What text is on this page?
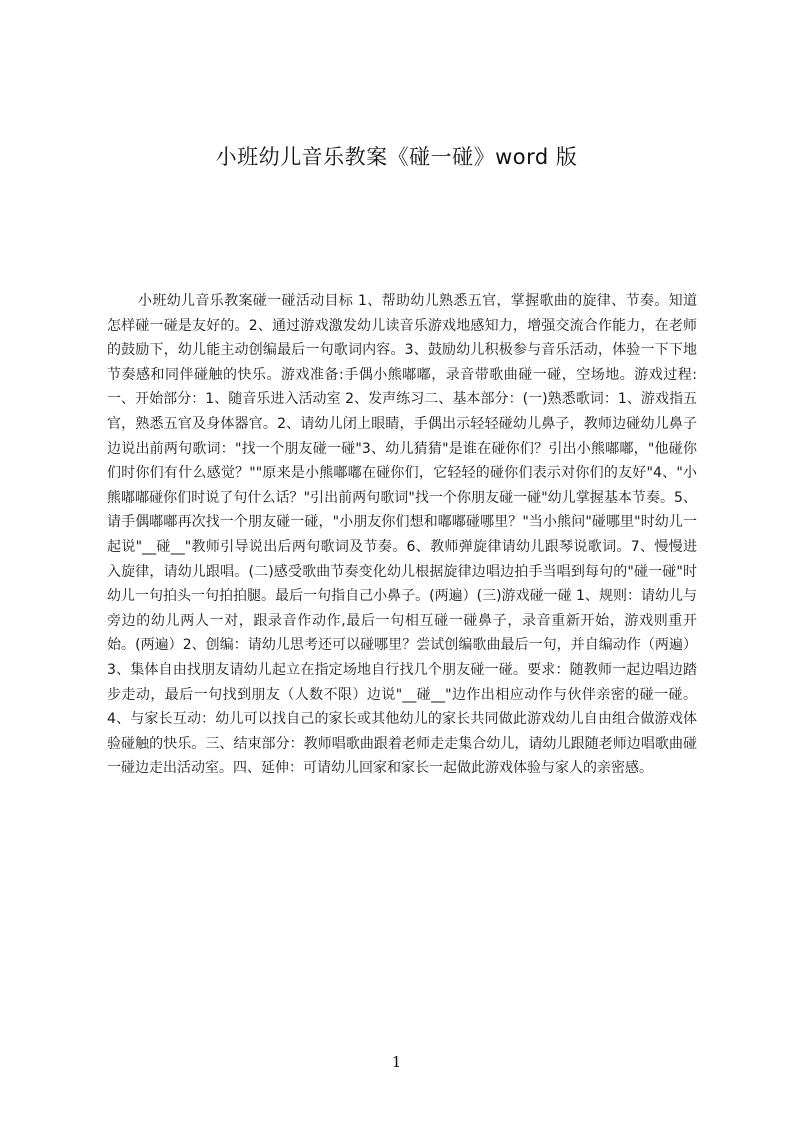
小班幼儿音乐教案《碰一碰》word 版
小班幼儿音乐教案碰一碰活动目标 1、帮助幼儿熟悉五官，掌握歌曲的旋律、节奏。知道怎样碰一碰是友好的。2、通过游戏激发幼儿读音乐游戏地感知力，增强交流合作能力，在老师的鼓励下，幼儿能主动创编最后一句歌词内容。3、鼓励幼儿积极参与音乐活动，体验一下下地节奏感和同伴碰触的快乐。游戏准备:手偶小熊嘟嘟，录音带歌曲碰一碰，空场地。游戏过程:一、开始部分：1、随音乐进入活动室 2、发声练习二、基本部分：(一)熟悉歌词：1、游戏指五官，熟悉五官及身体器官。2、请幼儿闭上眼睛，手偶出示轻轻碰幼儿鼻子，教师边碰幼儿鼻子边说出前两句歌词："找一个朋友碰一碰"3、幼儿猜猜"是谁在碰你们？引出小熊嘟嘟，"他碰你们时你们有什么感觉？""原来是小熊嘟嘟在碰你们，它轻轻的碰你们表示对你们的友好"4、"小熊嘟嘟碰你们时说了句什么话？"引出前两句歌词"找一个你朋友碰一碰"幼儿掌握基本节奏。5、请手偶嘟嘟再次找一个朋友碰一碰，"小朋友你们想和嘟嘟碰哪里？"当小熊问"碰哪里"时幼儿一起说"__碰__"教师引导说出后两句歌词及节奏。6、教师弹旋律请幼儿跟琴说歌词。7、慢慢进入旋律，请幼儿跟唱。(二)感受歌曲节奏变化幼儿根据旋律边唱边拍手当唱到每句的"碰一碰"时幼儿一句拍头一句拍拍腿。最后一句指自己小鼻子。(两遍）(三)游戏碰一碰 1、规则：请幼儿与旁边的幼儿两人一对，跟录音作动作,最后一句相互碰一碰鼻子，录音重新开始，游戏则重开始。(两遍）2、创编：请幼儿思考还可以碰哪里？尝试创编歌曲最后一句，并自编动作（两遍）3、集体自由找朋友请幼儿起立在指定场地自行找几个朋友碰一碰。要求：随教师一起边唱边踏步走动，最后一句找到朋友（人数不限）边说"__碰__"边作出相应动作与伙伴亲密的碰一碰。4、与家长互动：幼儿可以找自己的家长或其他幼儿的家长共同做此游戏幼儿自由组合做游戏体验碰触的快乐。三、结束部分：教师唱歌曲跟着老师走走集合幼儿，请幼儿跟随老师边唱歌曲碰一碰边走出活动室。四、延伸：可请幼儿回家和家长一起做此游戏体验与家人的亲密感。
1
